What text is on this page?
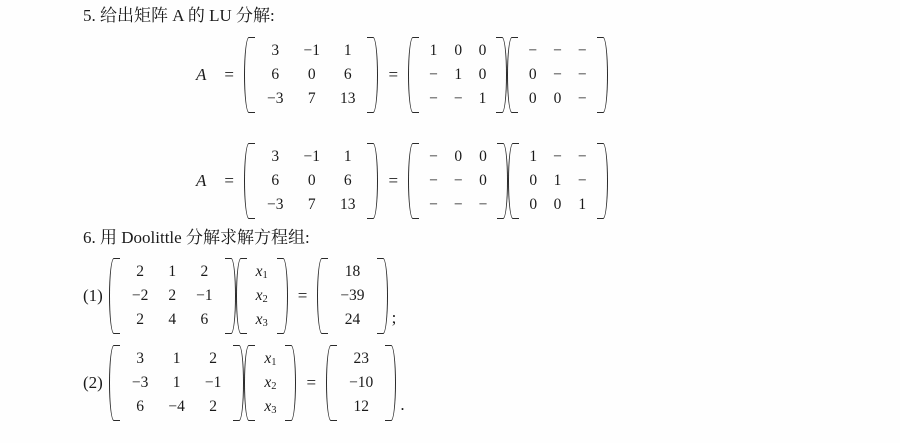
5. 给出矩阵 A 的 LU 分解:
A =
3	−1	1
6	0	6
−3	7	13
=
1	0	0
−	1	0
−	−	1
−	−	−
0	−	−
0	0	−
A =
3	−1	1
6	0	6
−3	7	13
=
−	0	0
−	−	0
−	−	−
1	−	−
0	1	−
0	0	1
6. 用 Doolittle 分解求解方程组:
(1)
2	1	2
−2	2	−1
2	4	6
x1
x2
x3
=
18
−39
24 ;
(2)
3	1	2
−3	1	−1
6	−4	2
x1
x2
x3
=
23
−10
12 .
